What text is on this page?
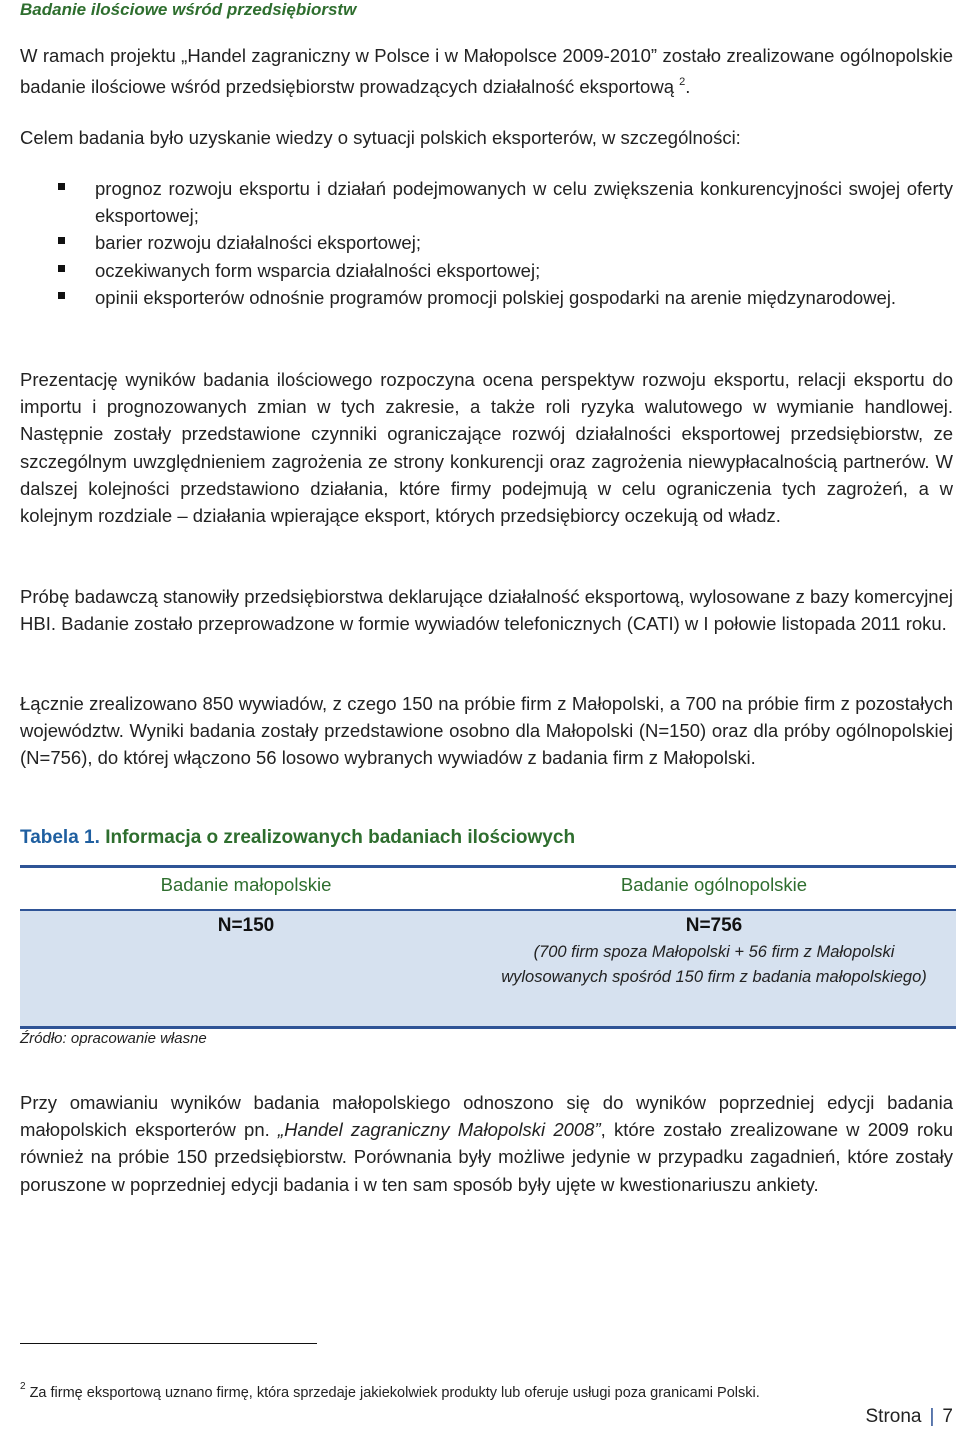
Badanie ilościowe wśród przedsiębiorstw
W ramach projektu „Handel zagraniczny w Polsce i w Małopolsce 2009-2010” zostało zrealizowane ogólnopolskie badanie ilościowe wśród przedsiębiorstw prowadzących działalność eksportową $^2$.
Celem badania było uzyskanie wiedzy o sytuacji polskich eksporterów, w szczególności:
prognoz rozwoju eksportu i działań podejmowanych w celu zwiększenia konkurencyjności swojej oferty eksportowej;
barier rozwoju działalności eksportowej;
oczekiwanych form wsparcia działalności eksportowej;
opinii eksporterów odnośnie programów promocji polskiej gospodarki na arenie międzynarodowej.
Prezentację wyników badania ilościowego rozpoczyna ocena perspektyw rozwoju eksportu, relacji eksportu do importu i prognozowanych zmian w tych zakresie, a także roli ryzyka walutowego w wymianie handlowej. Następnie zostały przedstawione czynniki ograniczające rozwój działalności eksportowej przedsiębiorstw, ze szczególnym uwzględnieniem zagrożenia ze strony konkurencji oraz zagrożenia niewypłacalnością partnerów. W dalszej kolejności przedstawiono działania, które firmy podejmują w celu ograniczenia tych zagrożeń, a w kolejnym rozdziale – działania wpierające eksport, których przedsiębiorcy oczekują od władz.
Próbę badawczą stanowiły przedsiębiorstwa deklarujące działalność eksportową, wylosowane z bazy komercyjnej HBI. Badanie zostało przeprowadzone w formie wywiadów telefonicznych (CATI) w I połowie listopada 2011 roku.
Łącznie zrealizowano 850 wywiadów, z czego 150 na próbie firm z Małopolski, a 700 na próbie firm z pozostałych województw. Wyniki badania zostały przedstawione osobno dla Małopolski (N=150) oraz dla próby ogólnopolskiej (N=756), do której włączono 56 losowo wybranych wywiadów z badania firm z Małopolski.
Tabela 1. Informacja o zrealizowanych badaniach ilościowych
Badanie małopolskie	Badanie ogólnopolskie
N=150	N=756
(700 firm spoza Małopolski + 56 firm z Małopolski wylosowanych spośród 150 firm z badania małopolskiego)
Źródło: opracowanie własne
Przy omawianiu wyników badania małopolskiego odnoszono się do wyników poprzedniej edycji badania małopolskich eksporterów pn. „Handel zagraniczny Małopolski 2008”, które zostało zrealizowane w 2009 roku również na próbie 150 przedsiębiorstw. Porównania były możliwe jedynie w przypadku zagadnień, które zostały poruszone w poprzedniej edycji badania i w ten sam sposób były ujęte w kwestionariuszu ankiety.
$^2$ Za firmę eksportową uznano firmę, która sprzedaje jakiekolwiek produkty lub oferuje usługi poza granicami Polski.
Strona | 7
